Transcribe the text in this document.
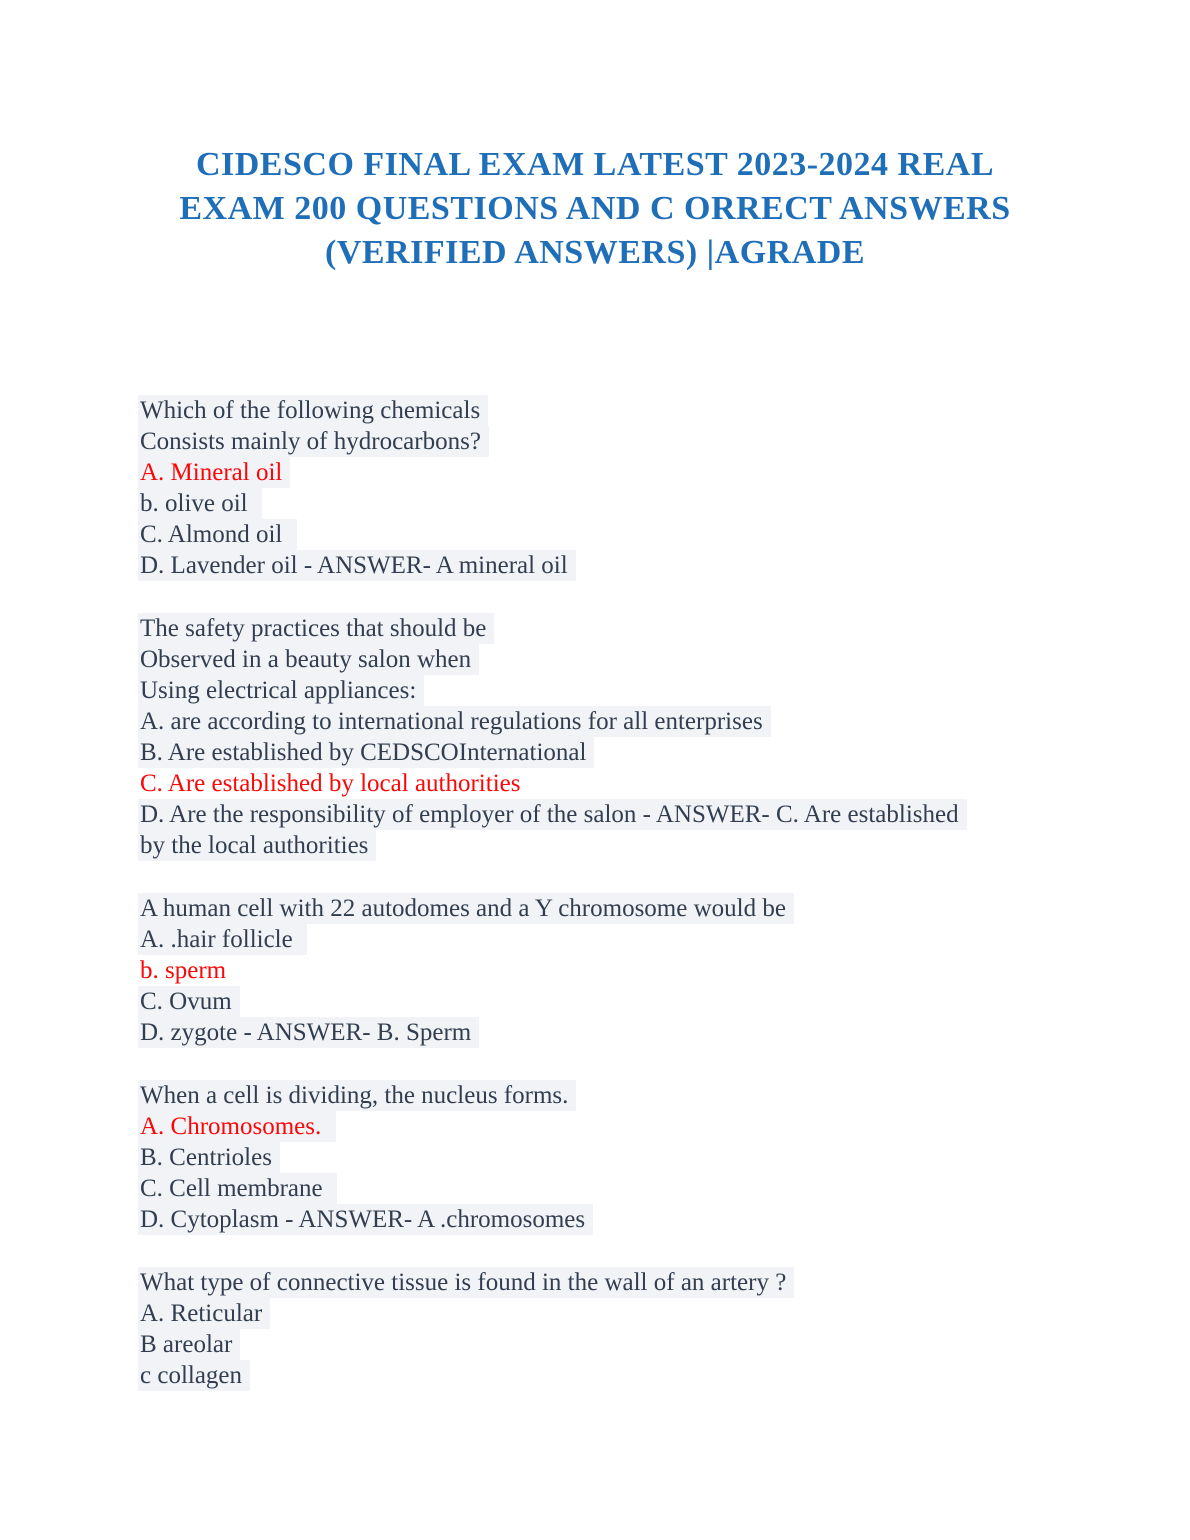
CIDESCO FINAL EXAM LATEST 2023-2024 REAL
EXAM 200 QUESTIONS AND C ORRECT ANSWERS
(VERIFIED ANSWERS) |AGRADE
Which of the following chemicals
Consists mainly of hydrocarbons?
A. Mineral oil
b. olive oil
C. Almond oil
D. Lavender oil - ANSWER- A mineral oil
The safety practices that should be
Observed in a beauty salon when
Using electrical appliances:
A. are according to international regulations for all enterprises
B. Are established by CEDSCOInternational
C. Are established by local authorities
D. Are the responsibility of employer of the salon - ANSWER- C. Are established
by the local authorities
A human cell with 22 autodomes and a Y chromosome would be
A. .hair follicle
b. sperm
C. Ovum
D. zygote - ANSWER- B. Sperm
When a cell is dividing, the nucleus forms.
A. Chromosomes.
B. Centrioles
C. Cell membrane
D. Cytoplasm - ANSWER- A .chromosomes
What type of connective tissue is found in the wall of an artery ?
A. Reticular
B areolar
c collagen
